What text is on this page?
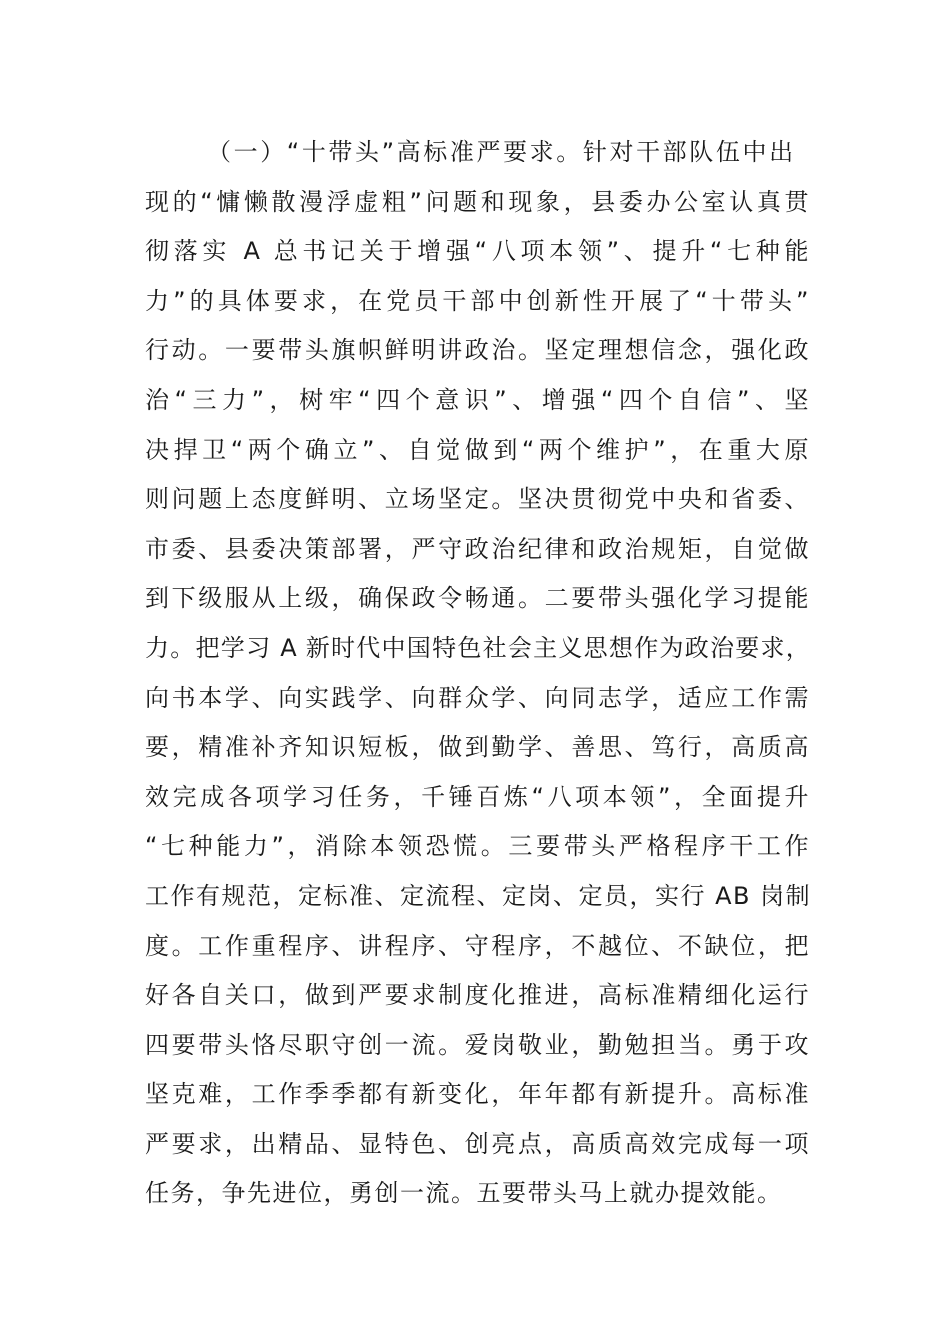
（一）“十带头”高标准严要求。针对干部队伍中出
现的“慵懒散漫浮虚粗”问题和现象，县委办公室认真贯
彻落实 A 总书记关于增强“八项本领”、提升“七种能
力”的具体要求，在党员干部中创新性开展了“十带头”
行动。一要带头旗帜鲜明讲政治。坚定理想信念，强化政
治“三力”，树牢“四个意识”、增强“四个自信”、坚
决捍卫“两个确立”、自觉做到“两个维护”，在重大原
则问题上态度鲜明、立场坚定。坚决贯彻党中央和省委、
市委、县委决策部署，严守政治纪律和政治规矩，自觉做
到下级服从上级，确保政令畅通。二要带头强化学习提能
力。把学习 A 新时代中国特色社会主义思想作为政治要求，
向书本学、向实践学、向群众学、向同志学，适应工作需
要，精准补齐知识短板，做到勤学、善思、笃行，高质高
效完成各项学习任务，千锤百炼“八项本领”，全面提升
“七种能力”，消除本领恐慌。三要带头严格程序干工作
工作有规范，定标准、定流程、定岗、定员，实行 AB 岗制
度。工作重程序、讲程序、守程序，不越位、不缺位，把
好各自关口，做到严要求制度化推进，高标准精细化运行
四要带头恪尽职守创一流。爱岗敬业，勤勉担当。勇于攻
坚克难，工作季季都有新变化，年年都有新提升。高标准
严要求，出精品、显特色、创亮点，高质高效完成每一项
任务，争先进位，勇创一流。五要带头马上就办提效能。
